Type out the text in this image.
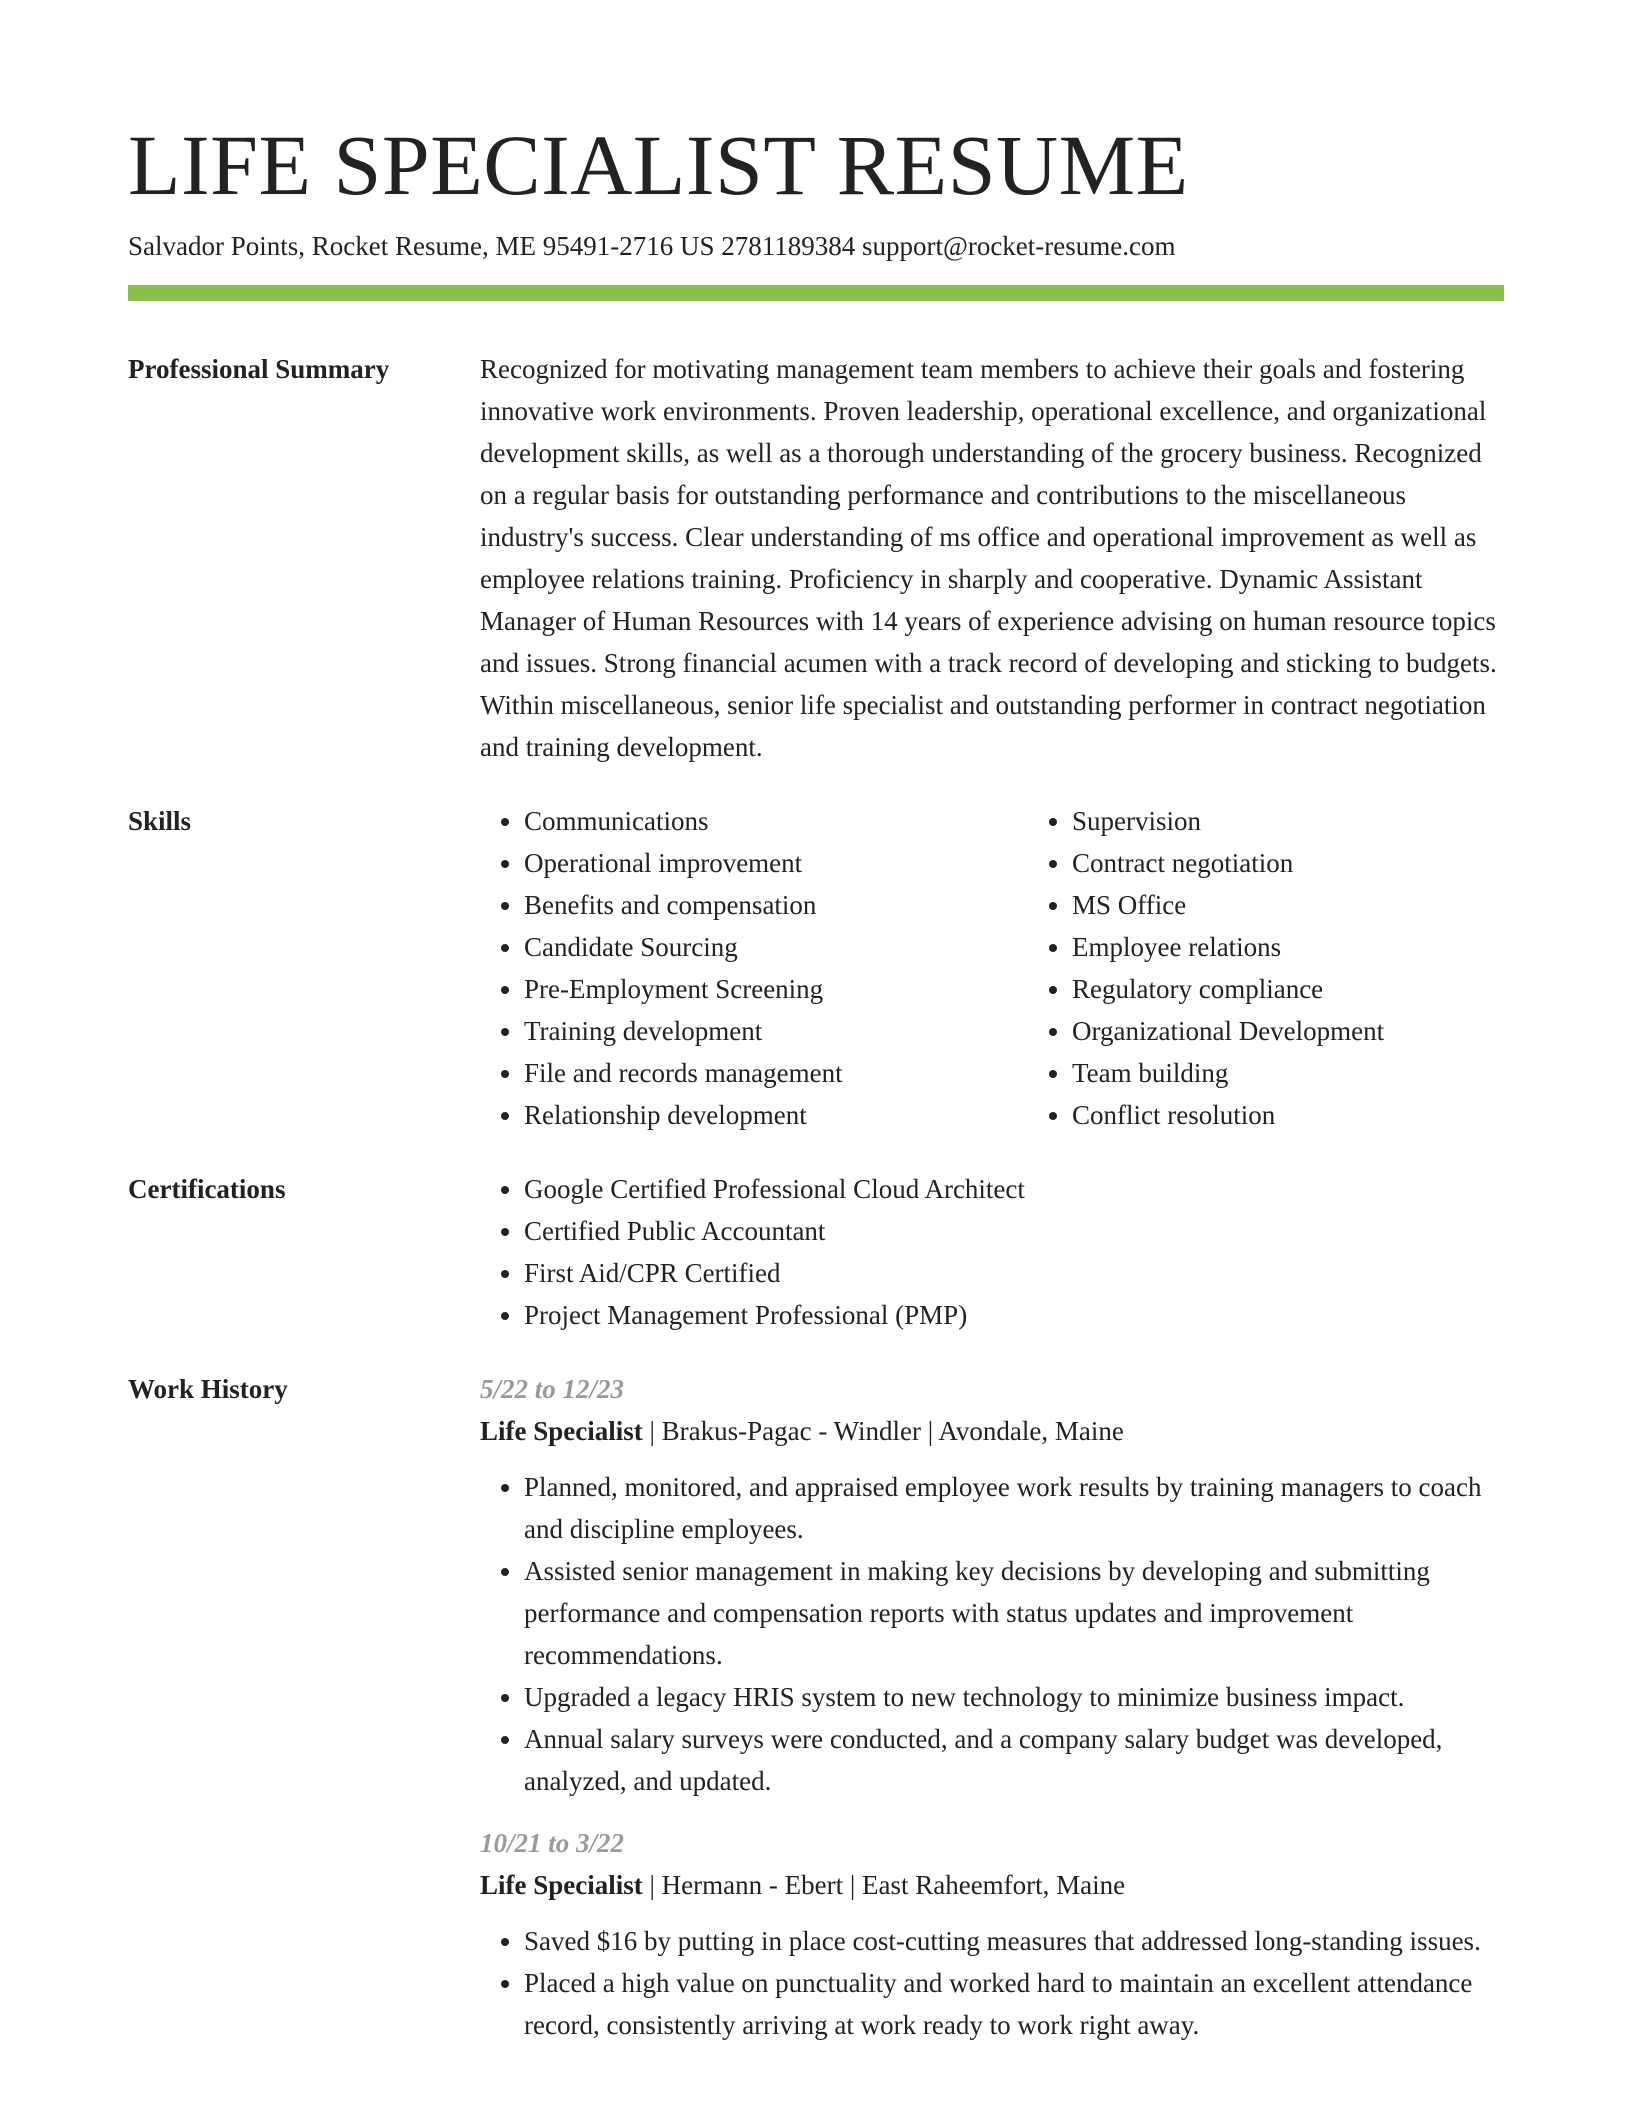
LIFE SPECIALIST RESUME
Salvador Points, Rocket Resume, ME 95491-2716 US 2781189384 support@rocket-resume.com
Professional Summary	Recognized for motivating management team members to achieve their goals and fostering innovative work environments. Proven leadership, operational excellence, and organizational development skills, as well as a thorough understanding of the grocery business. Recognized on a regular basis for outstanding performance and contributions to the miscellaneous industry's success. Clear understanding of ms office and operational improvement as well as employee relations training. Proficiency in sharply and cooperative. Dynamic Assistant Manager of Human Resources with 14 years of experience advising on human resource topics and issues. Strong financial acumen with a track record of developing and sticking to budgets. Within miscellaneous, senior life specialist and outstanding performer in contract negotiation and training development.

Skills	• Communications
• Operational improvement
• Benefits and compensation
• Candidate Sourcing
• Pre-Employment Screening
• Training development
• File and records management
• Relationship development
• Supervision
• Contract negotiation
• MS Office
• Employee relations
• Regulatory compliance
• Organizational Development
• Team building
• Conflict resolution
Certifications	• Google Certified Professional Cloud Architect
• Certified Public Accountant
• First Aid/CPR Certified
• Project Management Professional (PMP)
Work History	5/22 to 12/23
Life Specialist | Brakus-Pagac - Windler | Avondale, Maine
• Planned, monitored, and appraised employee work results by training managers to coach and discipline employees.
• Assisted senior management in making key decisions by developing and submitting performance and compensation reports with status updates and improvement recommendations.
• Upgraded a legacy HRIS system to new technology to minimize business impact.
• Annual salary surveys were conducted, and a company salary budget was developed, analyzed, and updated.
10/21 to 3/22
Life Specialist | Hermann - Ebert | East Raheemfort, Maine
• Saved $16 by putting in place cost-cutting measures that addressed long-standing issues.
• Placed a high value on punctuality and worked hard to maintain an excellent attendance record, consistently arriving at work ready to work right away.
